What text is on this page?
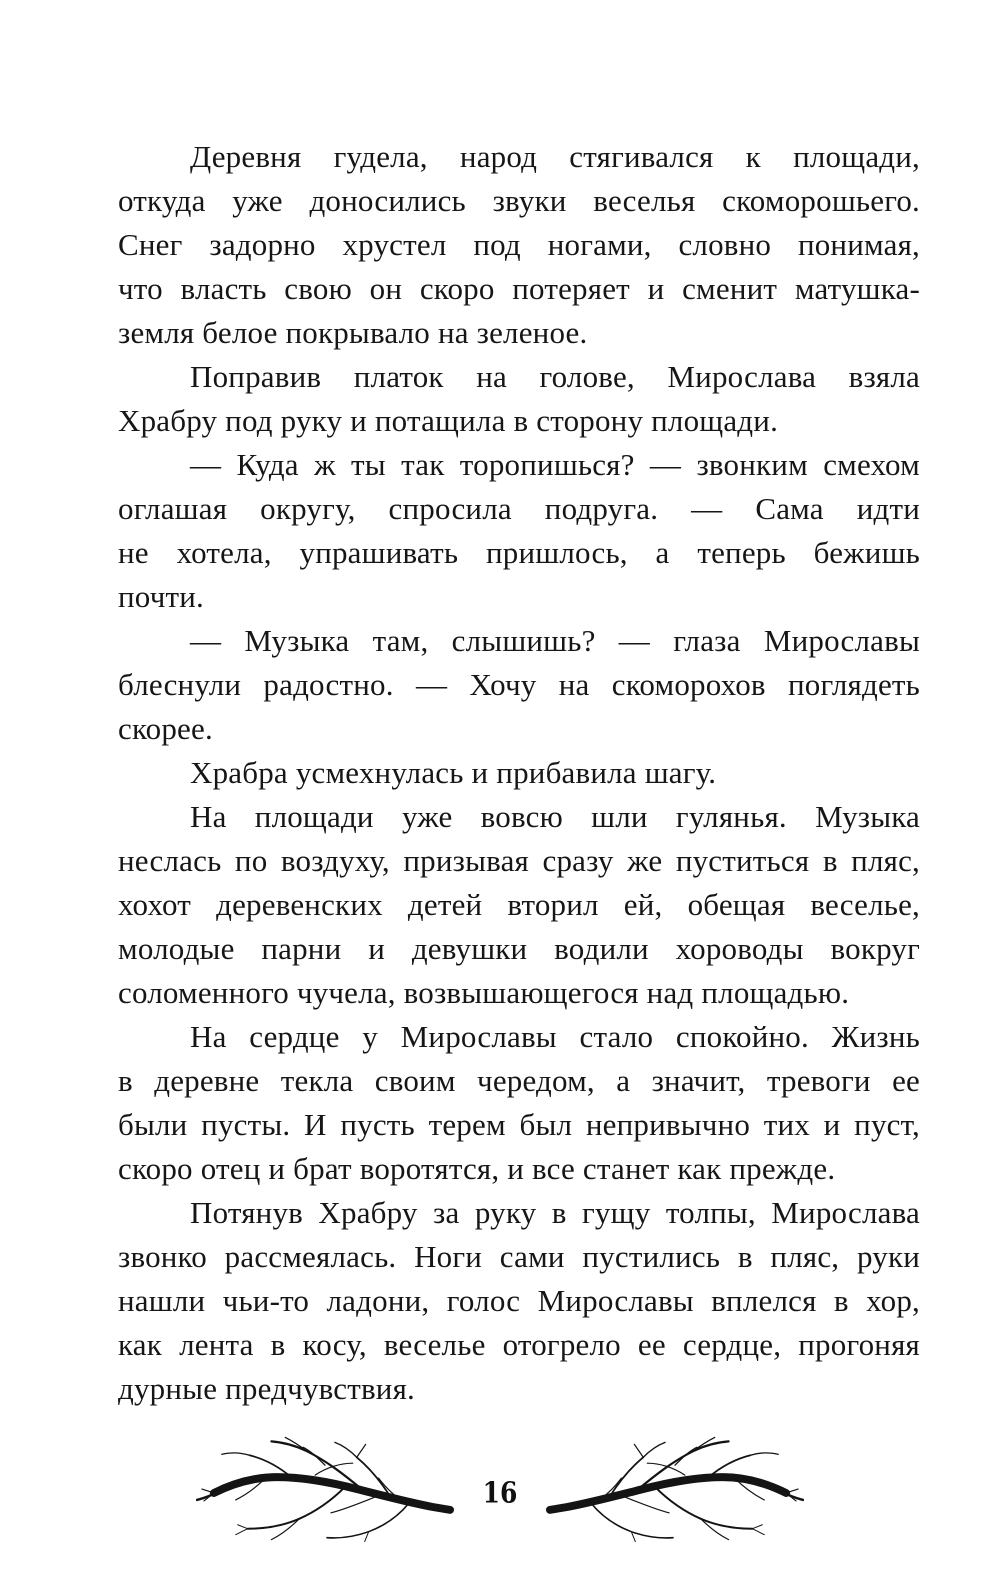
Деревня гудела, народ стягивался к площади,
откуда уже доносились звуки веселья скоморошьего.
Снег задорно хрустел под ногами, словно понимая,
что власть свою он скоро потеряет и сменит матушка-
земля белое покрывало на зеленое.

Поправив платок на голове, Мирослава взяла
Храбру под руку и потащила в сторону площади.

— Куда ж ты так торопишься? — звонким смехом
оглашая округу, спросила подруга. — Сама идти
не хотела, упрашивать пришлось, а теперь бежишь
почти.

— Музыка там, слышишь? — глаза Мирославы
блеснули радостно. — Хочу на скоморохов поглядеть
скорее.

Храбра усмехнулась и прибавила шагу.

На площади уже вовсю шли гулянья. Музыка
неслась по воздуху, призывая сразу же пуститься в пляс,
хохот деревенских детей вторил ей, обещая веселье,
молодые парни и девушки водили хороводы вокруг
соломенного чучела, возвышающегося над площадью.

На сердце у Мирославы стало спокойно. Жизнь
в деревне текла своим чередом, а значит, тревоги ее
были пусты. И пусть терем был непривычно тих и пуст,
скоро отец и брат воротятся, и все станет как прежде.

Потянув Храбру за руку в гущу толпы, Мирослава
звонко рассмеялась. Ноги сами пустились в пляс, руки
нашли чьи-то ладони, голос Мирославы вплелся в хор,
как лента в косу, веселье отогрело ее сердце, прогоняя
дурные предчувствия.

16
